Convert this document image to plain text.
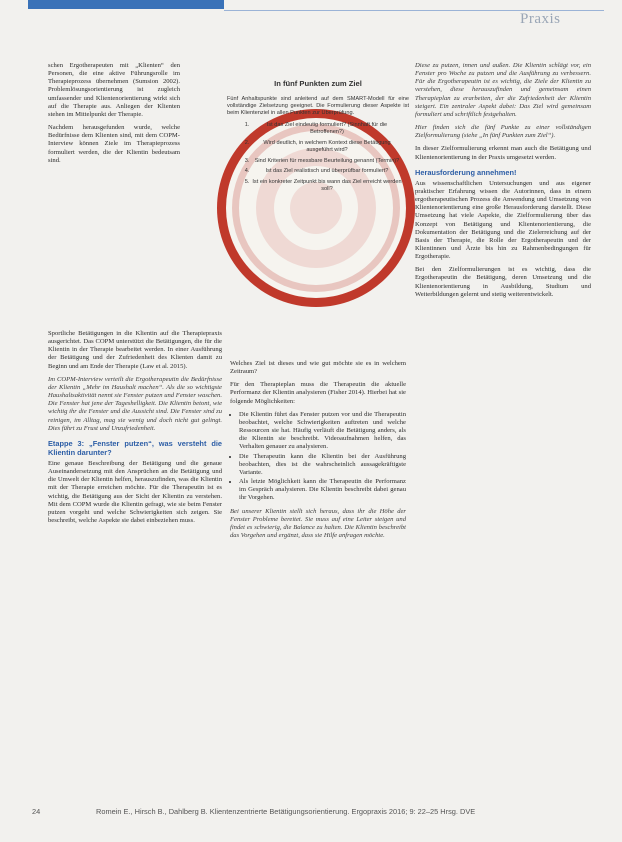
Praxis

schen Ergotherapeuten mit „Klienten“ den Personen, die eine aktive Führungsrolle im Therapieprozess übernehmen (Sumsion 2002). Problemlösungsorientierung ist zugleich umfassender und Klientenorientierung wirkt sich auf die Therapie aus. Anliegen der Klienten stehen im Mittelpunkt der Therapie.

Nachdem herausgefunden wurde, welche Bedürfnisse dem Klienten sind, mit dem COPM-Interview können Ziele im Therapieprozess formuliert werden, die der Klientin bedeutsam sind.

Sportliche Betätigungen in die Klientin auf die Therapiepraxis ausgerichtet. Das COPM unterstützt die Betätigungen, die für die Klientin in der Therapie bearbeitet werden. In einer Ausführung der Betätigung und der Zufriedenheit des Klienten damit zu Beginn und am Ende der Therapie (Law et al. 2015).

Im COPM-Interview verteilt die Ergotherapeutin die Bedürfnisse der Klientin „Mehr im Haushalt machen“. Als die so wichtigste Haushaltsaktivität nennt sie Fenster putzen und Fenster waschen. Die Fenster hat jene der Tageshelligkeit. Die Klientin betont, wie wichtig ihr die Fenster und die Aussicht sind. Die Fenster sind zu reinigen, im Alltag, mag sie wenig und doch nicht gut gelingt. Dies führt zu Frust und Unzufriedenheit.

Etappe 3: „Fenster putzen“, was versteht die Klientin darunter?

Eine genaue Beschreibung der Betätigung und die genaue Auseinandersetzung mit den Ansprüchen an die Betätigung und die Umwelt der Klientin helfen, herauszufinden, was die Klientin mit der Therapie erreichen möchte. Für die Therapeutin ist es wichtig, die Betätigung aus der Sicht der Klientin zu verstehen. Mit dem COPM wurde die Klientin gefragt, wie sie beim Fenster putzen vorgeht und welche Schwierigkeiten sich zeigen. Sie beschreibt, welche Aspekte sie dabei einbeziehen muss.

In fünf Punkten zum Ziel
Fünf Anhaltspunkte sind anleitend auf dem SMART-Modell für eine vollständige Zielsetzung geeignet. Die Formulierung dieser Aspekte ist beim Klientenziel in allen Punkten zur Überprüfung.
1. Ist das Ziel eindeutig formuliert? (Sinnhaft für die Betroffenen?)
2. Wird deutlich, in welchem Kontext diese Betätigung ausgeführt wird?
3. Sind Kriterien für messbare Beurteilung genannt (Termin)?
4. Ist das Ziel realistisch und überprüfbar formuliert?
5. Ist ein konkreter Zeitpunkt bis wann das Ziel erreicht werden soll?

Welches Ziel ist dieses und wie gut möchte sie es in welchem Zeitraum?

Für den Therapieplan muss die Therapeutin die aktuelle Performanz der Klientin analysieren (Fisher 2014). Hierbei hat sie folgende Möglichkeiten:

• Die Klientin führt das Fenster putzen vor und die Therapeutin beobachtet, welche Schwierigkeiten auftreten und welche Ressourcen sie hat. Häufig verläuft die Betätigung anders, als die Klientin sie beschreibt. Videoaufnahmen helfen, das Verhalten genauer zu analysieren.
• Die Therapeutin kann die Klientin bei der Ausführung beobachten, dies ist die wahrscheinlich aussagekräftigste Variante.
• Als letzte Möglichkeit kann die Therapeutin die Performanz im Gespräch analysieren. Die Klientin beschreibt dabei genau ihr Vorgehen.

Bei unserer Klientin stellt sich heraus, dass ihr die Höhe der Fenster Probleme bereitet. Sie muss auf eine Leiter steigen und findet es schwierig, die Balance zu halten. Die Klientin beschreibt das Vorgehen und ergänzt, dass sie Hilfe anfragen möchte.

Diese zu putzen, innen und außen. Die Klientin schlägt vor, ein Fenster pro Woche zu putzen und die Ausführung zu verbessern. Für die Ergotherapeutin ist es wichtig, die Ziele der Klientin zu verstehen, diese herauszufinden und gemeinsam einen Therapieplan zu erarbeiten, der die Zufriedenheit der Klientin steigert. Ein zentraler Aspekt dabei: Das Ziel wird gemeinsam formuliert und schriftlich festgehalten.

Hier finden sich die fünf Punkte zu einer vollständigen Zielformulierung (siehe „In fünf Punkten zum Ziel“).

In dieser Zielformulierung erkennt man auch die Betätigung und Klientenorientierung in der Praxis umgesetzt werden.

Herausforderung annehmen!

Aus wissenschaftlichen Untersuchungen und aus eigener praktischer Erfahrung wissen die Autorinnen, dass in einem ergotherapeutischen Prozess die Anwendung und Umsetzung von Klientenorientierung eine große Herausforderung darstellt. Diese Umsetzung hat viele Aspekte, die Zielformulierung über das Konzept von Betätigung und Klientenorientierung, die Dokumentation der Betätigung und die Zielerreichung auf der Basis der Therapie, die Rolle der Ergotherapeutin und der Klientinnen und Ärzte bis hin zu Rahmenbedingungen für Ergotherapie.

Bei den Zielformulierungen ist es wichtig, dass die Ergotherapeutin die Betätigung, deren Umsetzung und die Klientenorientierung in Ausbildung, Studium und Weiterbildungen gelernt und stetig weiterentwickelt.

24	Romein E., Hirsch B., Dahlberg B. Klientenzentrierte Betätigungsorientierung. Ergopraxis 2016; 9: 22–25 Hrsg. DVE
